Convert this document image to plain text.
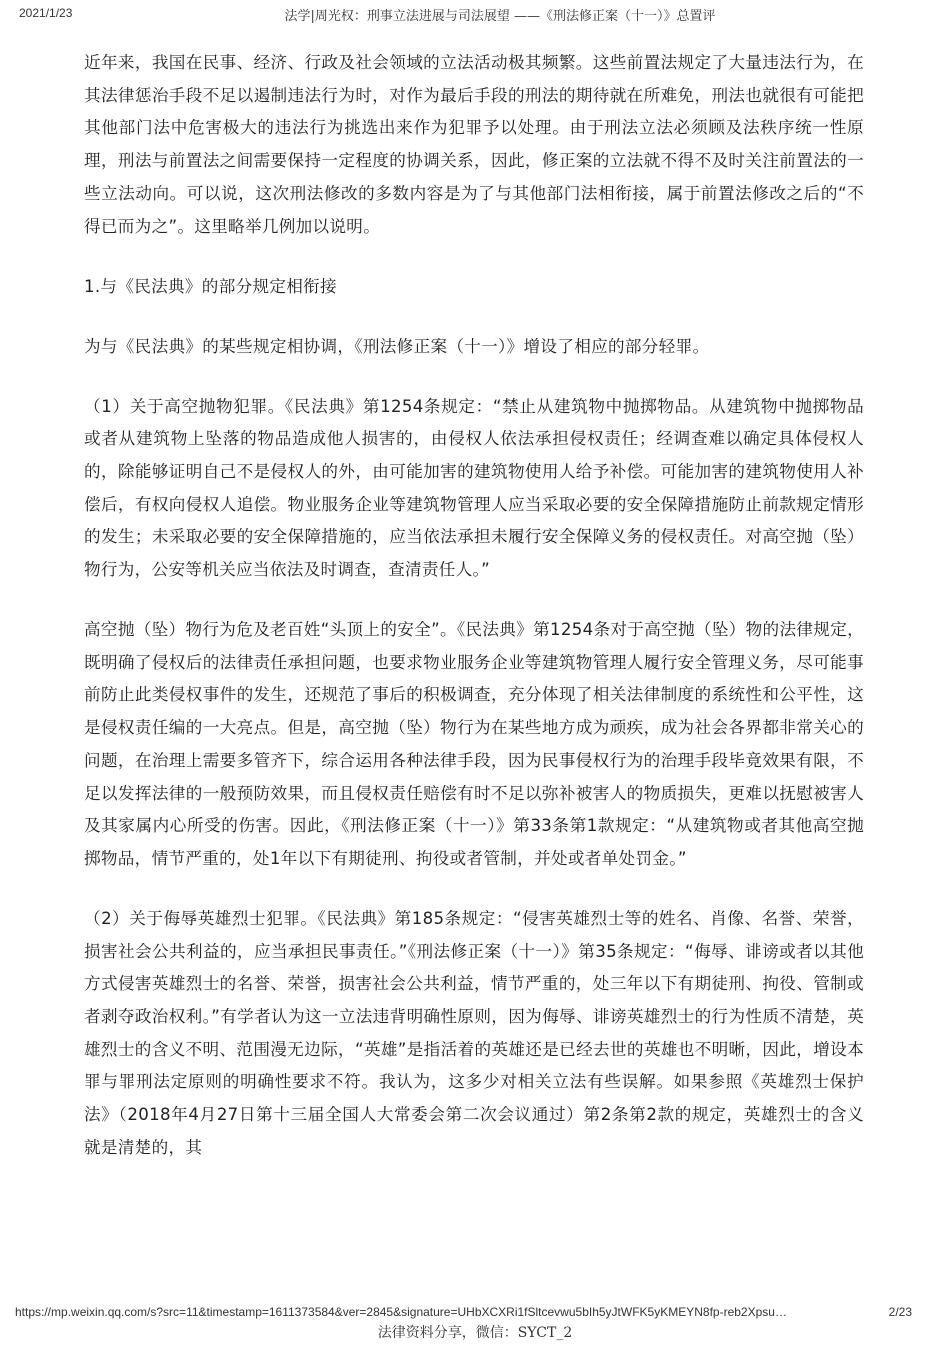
2021/1/23	法学|周光权：刑事立法进展与司法展望 ——《刑法修正案（十一）》总置评

近年来，我国在民事、经济、行政及社会领域的立法活动极其频繁。这些前置法规定了大量违法行为，在其法律惩治手段不足以遏制违法行为时，对作为最后手段的刑法的期待就在所难免，刑法也就很有可能把其他部门法中危害极大的违法行为挑选出来作为犯罪予以处理。由于刑法立法必须顾及法秩序统一性原理，刑法与前置法之间需要保持一定程度的协调关系，因此，修正案的立法就不得不及时关注前置法的一些立法动向。可以说，这次刑法修改的多数内容是为了与其他部门法相衔接，属于前置法修改之后的“不得已而为之”。这里略举几例加以说明。

1.与《民法典》的部分规定相衔接

为与《民法典》的某些规定相协调，《刑法修正案（十一）》增设了相应的部分轻罪。

（1）关于高空抛物犯罪。《民法典》第1254条规定：“禁止从建筑物中抛掷物品。从建筑物中抛掷物品或者从建筑物上坠落的物品造成他人损害的，由侵权人依法承担侵权责任；经调查难以确定具体侵权人的，除能够证明自己不是侵权人的外，由可能加害的建筑物使用人给予补偿。可能加害的建筑物使用人补偿后，有权向侵权人追偿。物业服务企业等建筑物管理人应当采取必要的安全保障措施防止前款规定情形的发生；未采取必要的安全保障措施的，应当依法承担未履行安全保障义务的侵权责任。对高空抛（坠）物行为，公安等机关应当依法及时调查，查清责任人。”

高空抛（坠）物行为危及老百姓“头顶上的安全”。《民法典》第1254条对于高空抛（坠）物的法律规定，既明确了侵权后的法律责任承担问题，也要求物业服务企业等建筑物管理人履行安全管理义务，尽可能事前防止此类侵权事件的发生，还规范了事后的积极调查，充分体现了相关法律制度的系统性和公平性，这是侵权责任编的一大亮点。但是，高空抛（坠）物行为在某些地方成为顽疾，成为社会各界都非常关心的问题，在治理上需要多管齐下，综合运用各种法律手段，因为民事侵权行为的治理手段毕竟效果有限，不足以发挥法律的一般预防效果，而且侵权责任赔偿有时不足以弥补被害人的物质损失，更难以抚慰被害人及其家属内心所受的伤害。因此，《刑法修正案（十一）》第33条第1款规定：“从建筑物或者其他高空抛掷物品，情节严重的，处1年以下有期徒刑、拘役或者管制，并处或者单处罚金。”

（2）关于侮辱英雄烈士犯罪。《民法典》第185条规定：“侵害英雄烈士等的姓名、肖像、名誉、荣誉，损害社会公共利益的，应当承担民事责任。”《刑法修正案（十一）》第35条规定：“侮辱、诽谤或者以其他方式侵害英雄烈士的名誉、荣誉，损害社会公共利益，情节严重的，处三年以下有期徒刑、拘役、管制或者剥夺政治权利。”有学者认为这一立法违背明确性原则，因为侮辱、诽谤英雄烈士的行为性质不清楚，英雄烈士的含义不明、范围漫无边际，“英雄”是指活着的英雄还是已经去世的英雄也不明晰，因此，增设本罪与罪刑法定原则的明确性要求不符。我认为，这多少对相关立法有些误解。如果参照《英雄烈士保护法》（2018年4月27日第十三届全国人大常委会第二次会议通过）第2条第2款的规定，英雄烈士的含义就是清楚的，其

https://mp.weixin.qq.com/s?src=11&timestamp=1611373584&ver=2845&signature=UHbXCXRi1fSltcevwu5bIh5yJtWFK5yKMEYN8fp-reb2Xpsu…	2/23
法律资料分享，微信：SYCT_2
